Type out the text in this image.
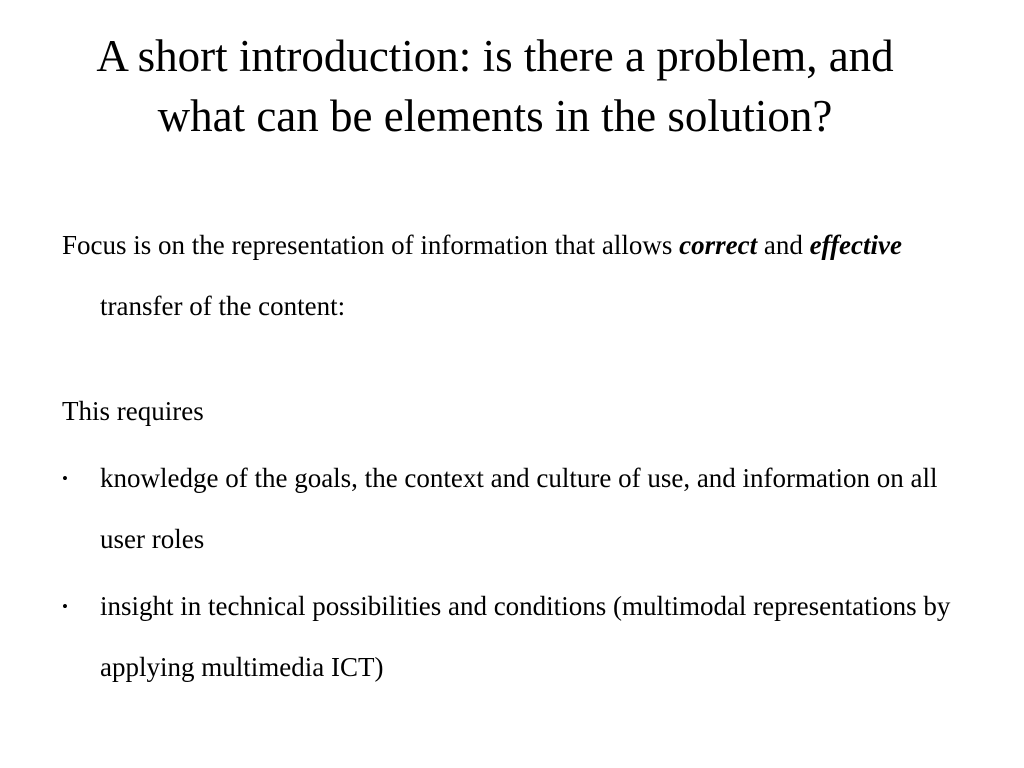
A short introduction: is there a problem, and
what can be elements in the solution?

Focus is on the representation of information that allows correct and effective transfer of the content:

This requires

• knowledge of the goals, the context and culture of use, and information on all user roles
• insight in technical possibilities and conditions (multimodal representations by applying multimedia ICT)
